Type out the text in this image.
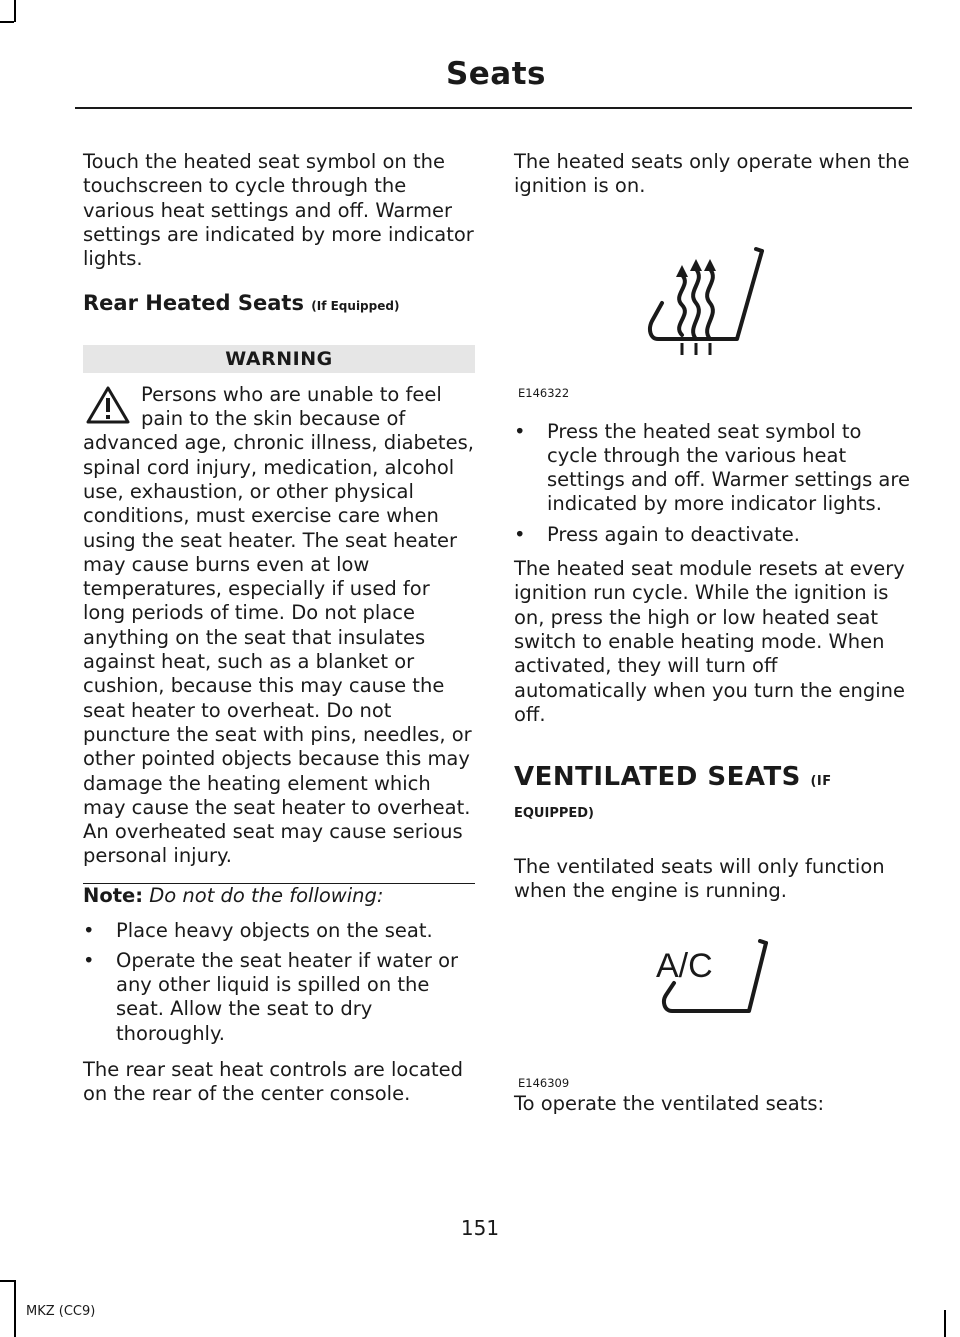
Seats

Touch the heated seat symbol on the touchscreen to cycle through the various heat settings and off. Warmer settings are indicated by more indicator lights.

Rear Heated Seats (If Equipped)

WARNING

Persons who are unable to feel pain to the skin because of advanced age, chronic illness, diabetes, spinal cord injury, medication, alcohol use, exhaustion, or other physical conditions, must exercise care when using the seat heater. The seat heater may cause burns even at low temperatures, especially if used for long periods of time. Do not place anything on the seat that insulates against heat, such as a blanket or cushion, because this may cause the seat heater to overheat. Do not puncture the seat with pins, needles, or other pointed objects because this may damage the heating element which may cause the seat heater to overheat. An overheated seat may cause serious personal injury.

Note: Do not do the following:

• Place heavy objects on the seat.
• Operate the seat heater if water or any other liquid is spilled on the seat. Allow the seat to dry thoroughly.

The rear seat heat controls are located on the rear of the center console.

The heated seats only operate when the ignition is on.

E146322
• Press the heated seat symbol to cycle through the various heat settings and off. Warmer settings are indicated by more indicator lights.
• Press again to deactivate.

The heated seat module resets at every ignition run cycle. While the ignition is on, press the high or low heated seat switch to enable heating mode. When activated, they will turn off automatically when you turn the engine off.

VENTILATED SEATS (IF

EQUIPPED)

The ventilated seats will only function when the engine is running.

A/C
E146309

To operate the ventilated seats:

151
MKZ (CC9)
